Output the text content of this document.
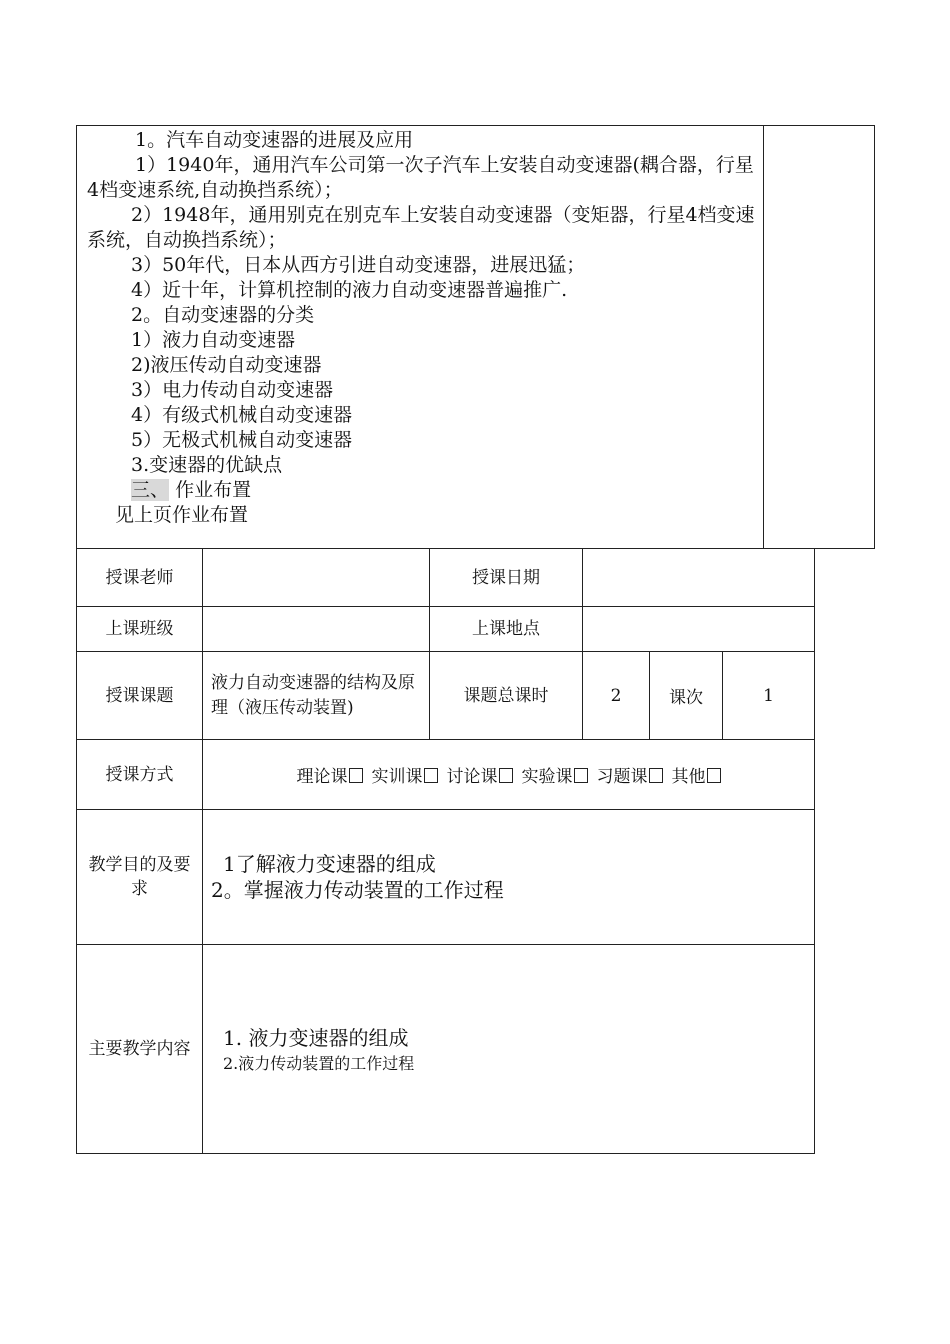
1。汽车自动变速器的进展及应用
1）1940年，通用汽车公司第一次子汽车上安装自动变速器(耦合器，行星4档变速系统,自动换挡系统）；
2）1948年，通用别克在别克车上安装自动变速器（变矩器，行星4档变速系统，自动换挡系统）；
3）50年代，日本从西方引进自动变速器，进展迅猛；
4）近十年，计算机控制的液力自动变速器普遍推广.
2。自动变速器的分类
1）液力自动变速器
2)液压传动自动变速器
3）电力传动自动变速器
4）有级式机械自动变速器
5）无极式机械自动变速器
3.变速器的优缺点
三、 作业布置
见上页作业布置
授课老师		授课日期			
上课班级		上课地点			
授课课题	液力自动变速器的结构及原理（液压传动装置)	课题总课时	2	课次	1
授课方式	理论课 实训课 讨论课 实验课 习题课 其他				
教学目的及要求	1了解液力变速器的组成
2。掌握液力传动装置的工作过程				

主要教学内容	1. 液力变速器的组成
2.液力传动装置的工作过程				
